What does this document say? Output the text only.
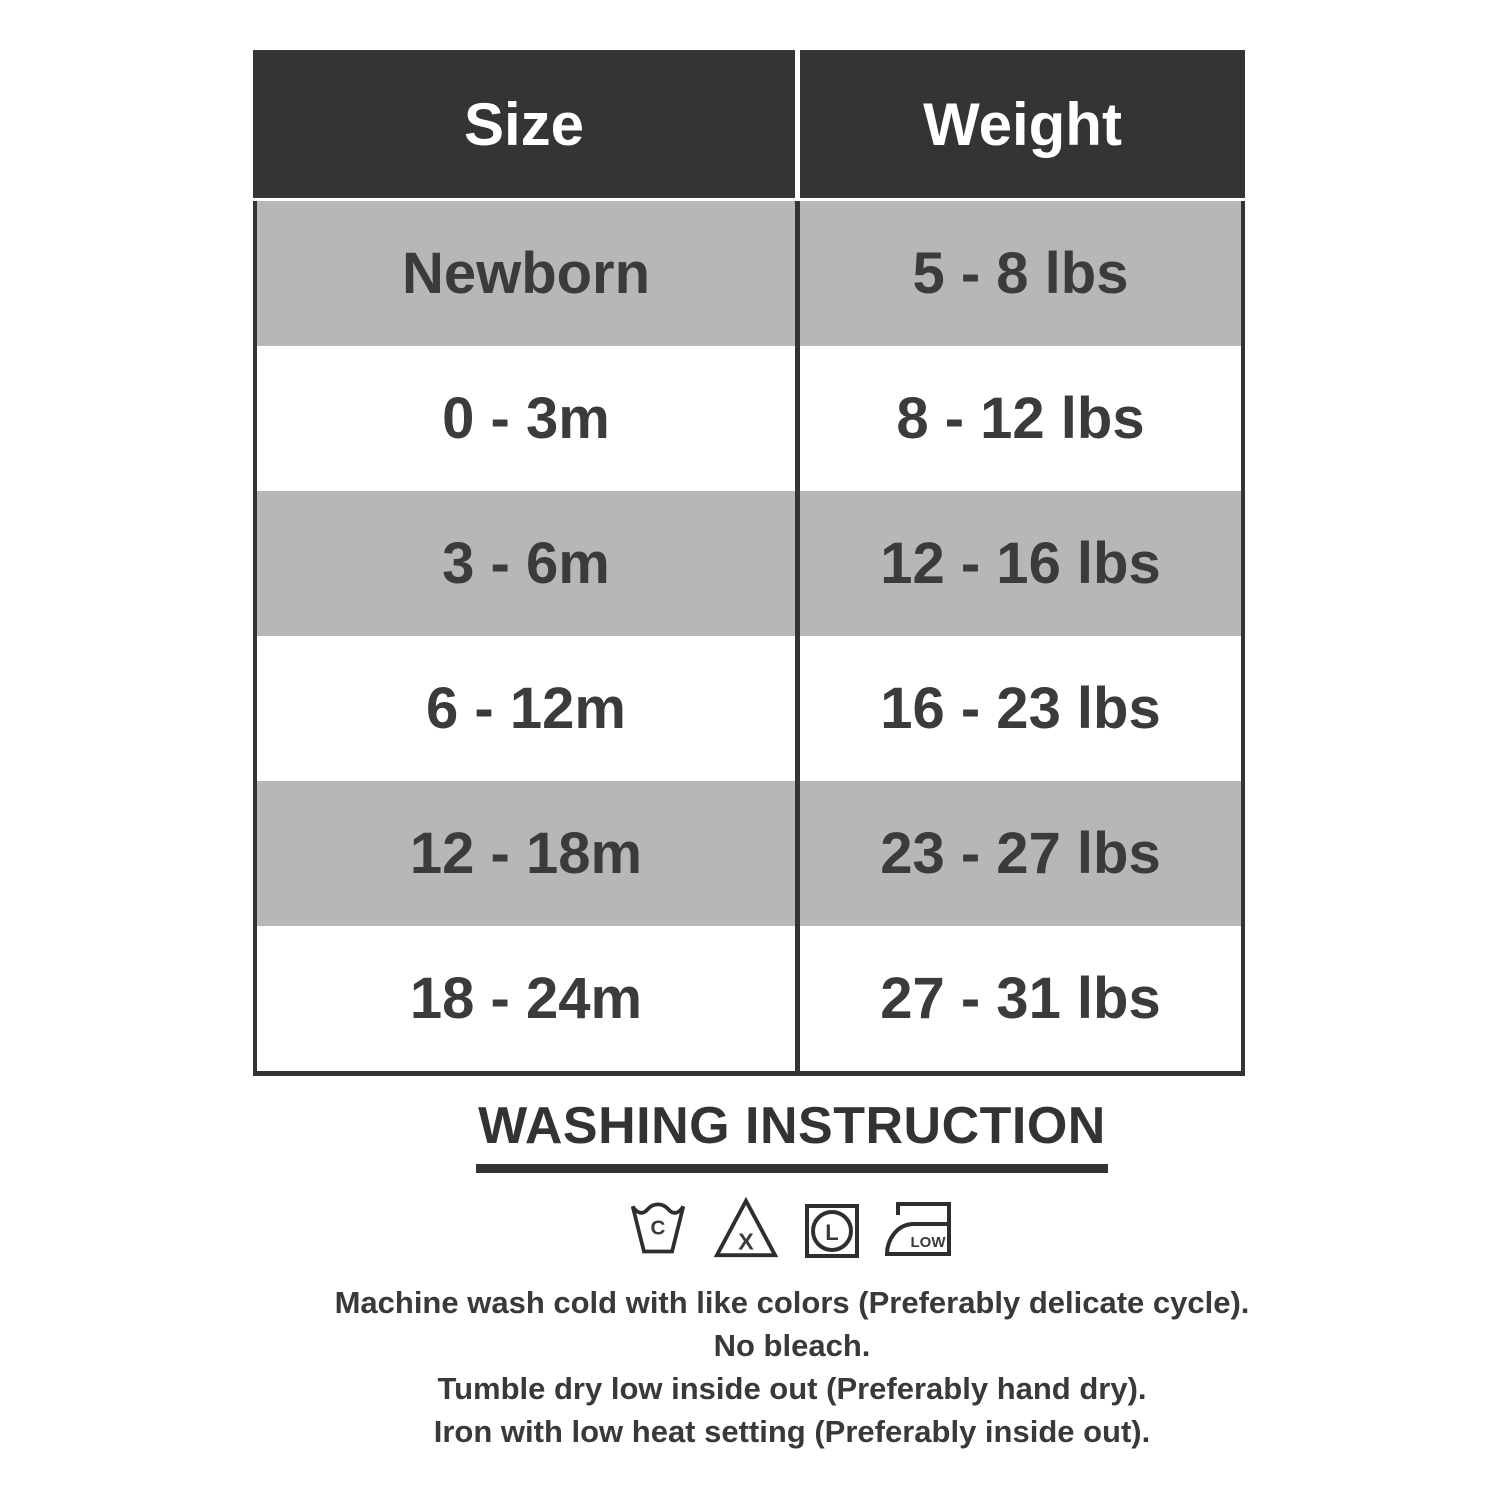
Size	Weight
Newborn	5 - 8 lbs
0 - 3m	8 - 12 lbs
3 - 6m	12 - 16 lbs
6 - 12m	16 - 23 lbs
12 - 18m	23 - 27 lbs
18 - 24m	27 - 31 lbs
WASHING INSTRUCTION
C
X	L	LOW
Machine wash cold with like colors (Preferably delicate cycle).
No bleach.
Tumble dry low inside out (Preferably hand dry).
Iron with low heat setting (Preferably inside out).
